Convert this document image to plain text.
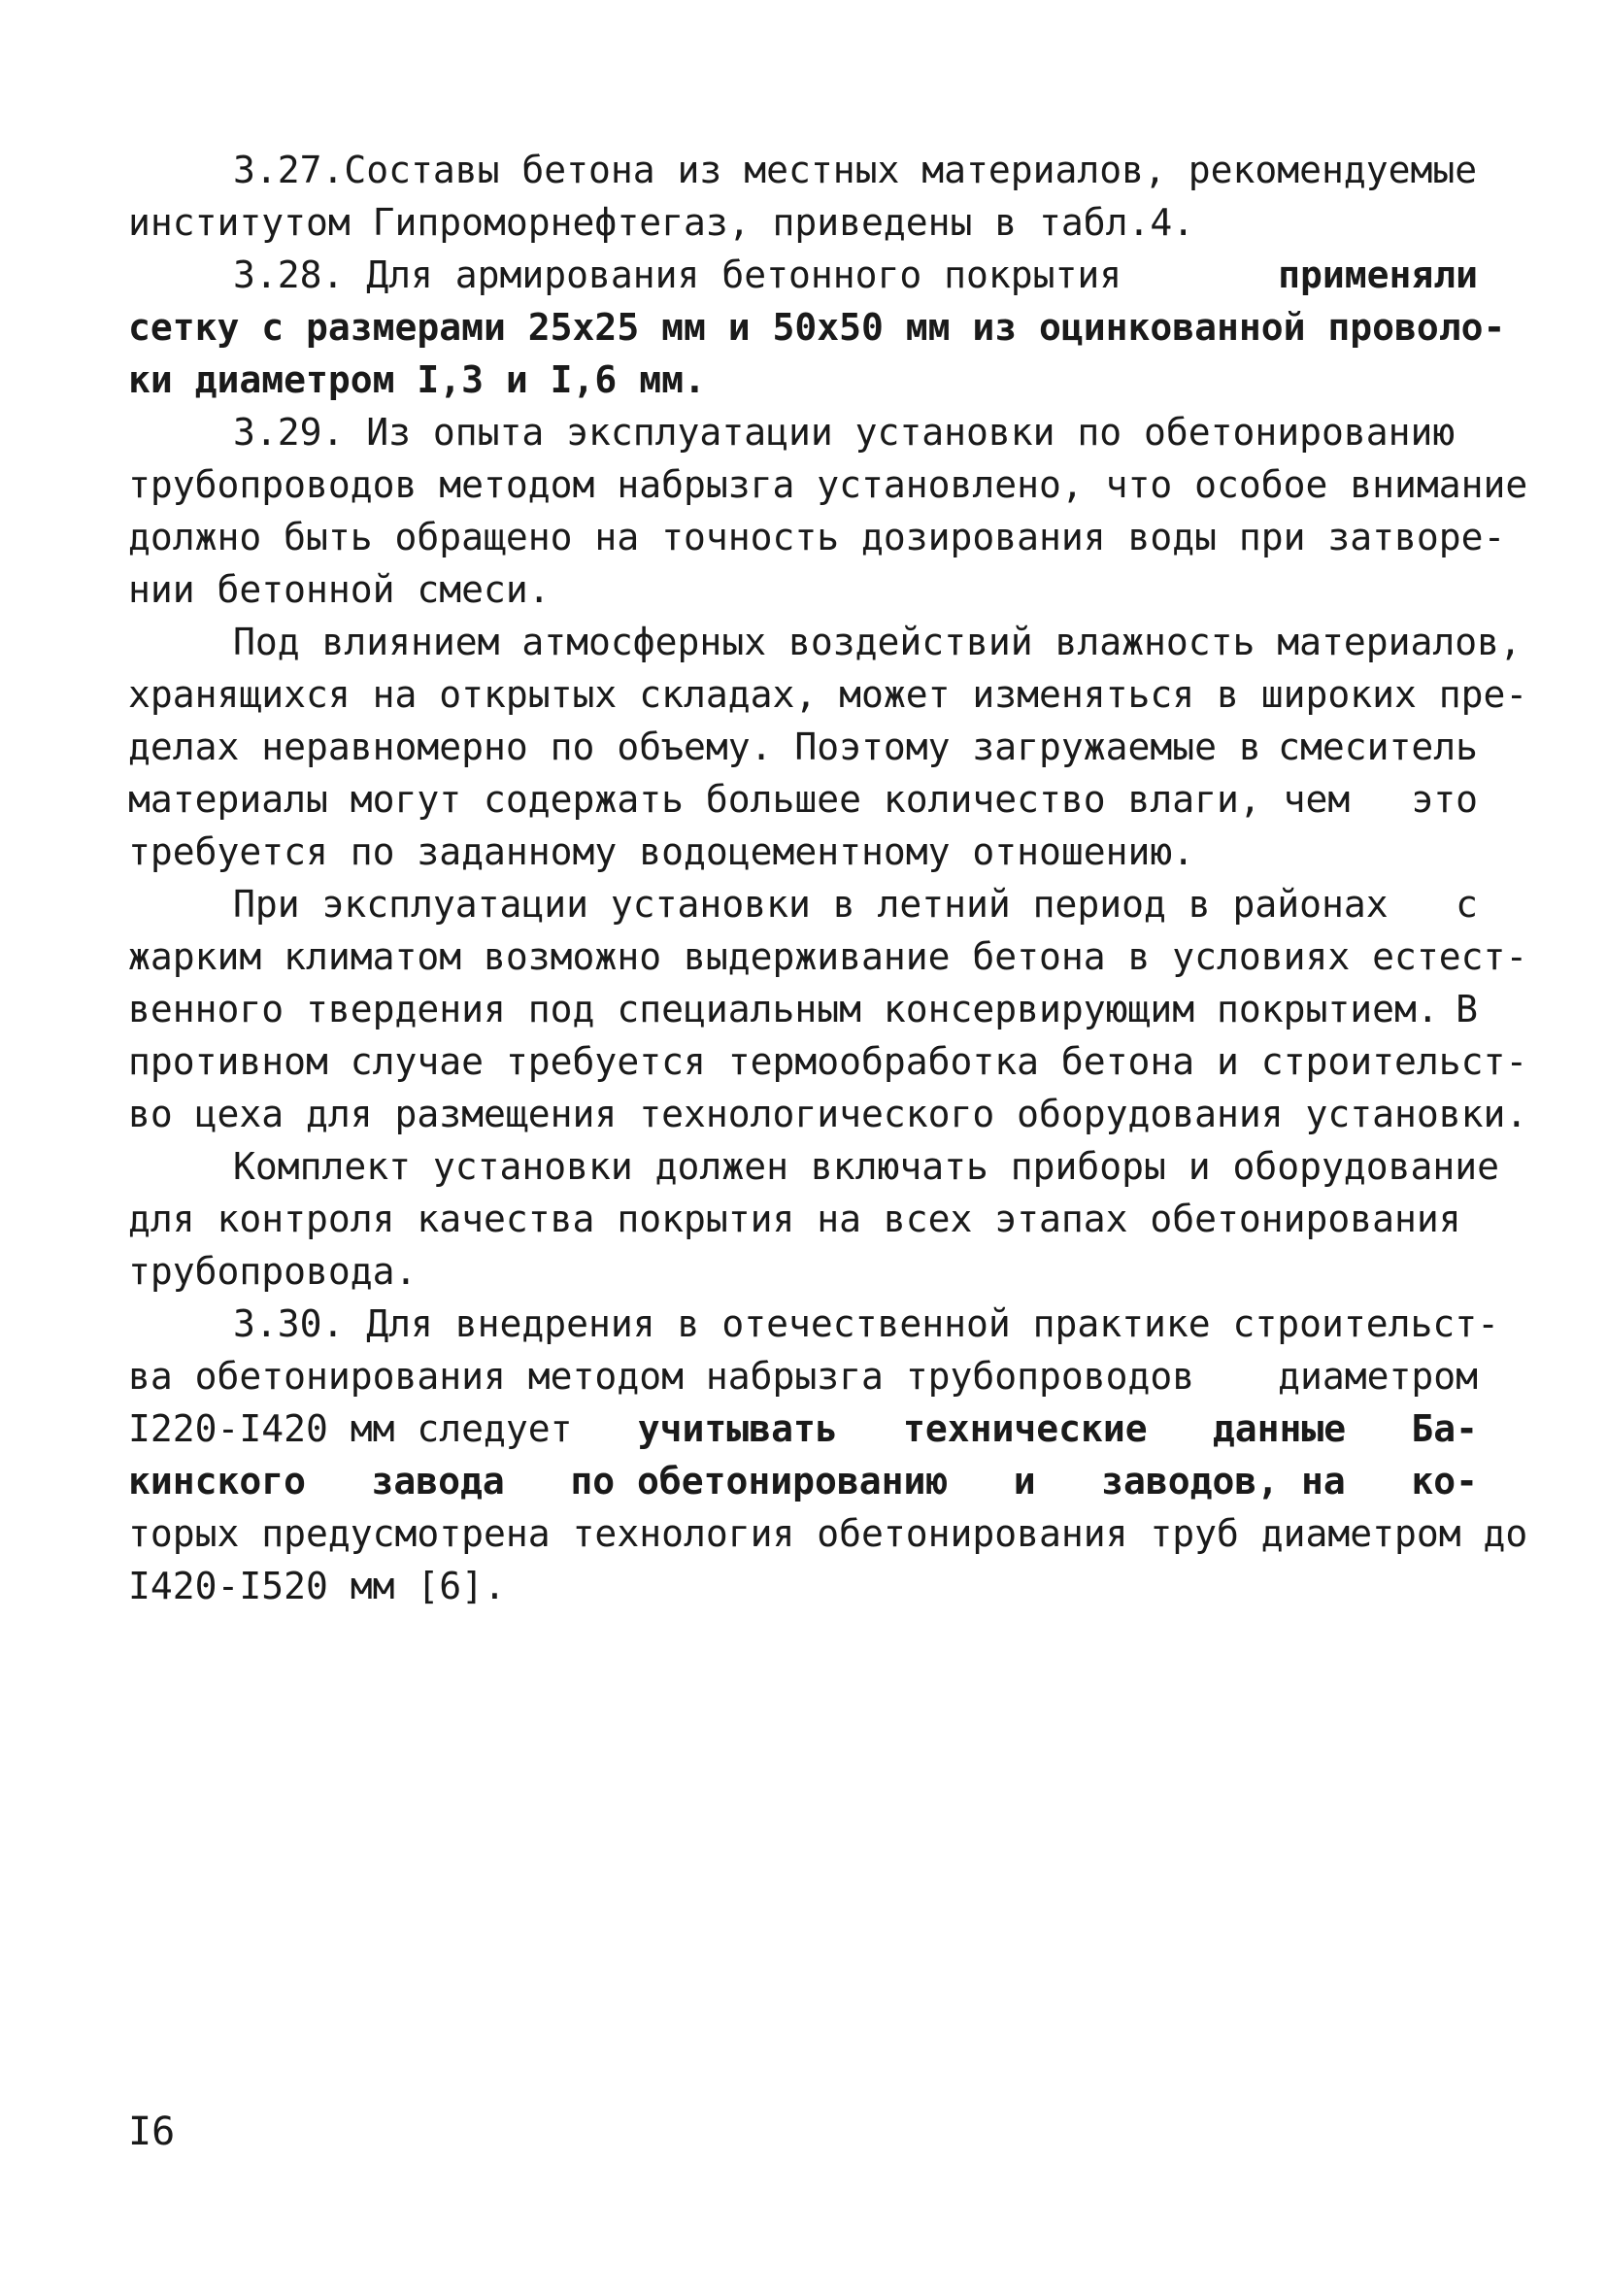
3.27.Составы бетона из местных материалов, рекомендуемые
институтом Гипроморнефтегаз, приведены в табл.4.
3.28. Для армирования бетонного покрытия	применяли
сетку с размерами 25x25 мм и 50x50 мм из оцинкованной проволо-
ки диаметром I,3 и I,6 мм.
3.29. Из опыта эксплуатации установки по обетонированию
трубопроводов методом набрызга установлено, что особое внимание
должно быть обращено на точность дозирования воды при затворе-
нии бетонной смеси.
Под влиянием атмосферных воздействий влажность материалов,
хранящихся на открытых складах, может изменяться в широких пре-
делах неравномерно по объему. Поэтому загружаемые в смеситель
материалы могут содержать большее количество влаги, чем это
требуется по заданному водоцементному отношению.
При эксплуатации установки в летний период в районах с
жарким климатом возможно выдерживание бетона в условиях естест-
венного твердения под специальным консервирующим покрытием. В
противном случае требуется термообработка бетона и строительст-
во цеха для размещения технологического оборудования установки.
Комплект установки должен включать приборы и оборудование
для контроля качества покрытия на всех этапах обетонирования
трубопровода.
3.30. Для внедрения в отечественной практике строительст-
ва обетонирования методом набрызга трубопроводов диаметром
I220-I420 мм следует учитывать технические данные Ба-
кинского завода по обетонированию и заводов, на ко-
торых предусмотрена технология обетонирования труб диаметром до
I420-I520 мм [6].
I6
